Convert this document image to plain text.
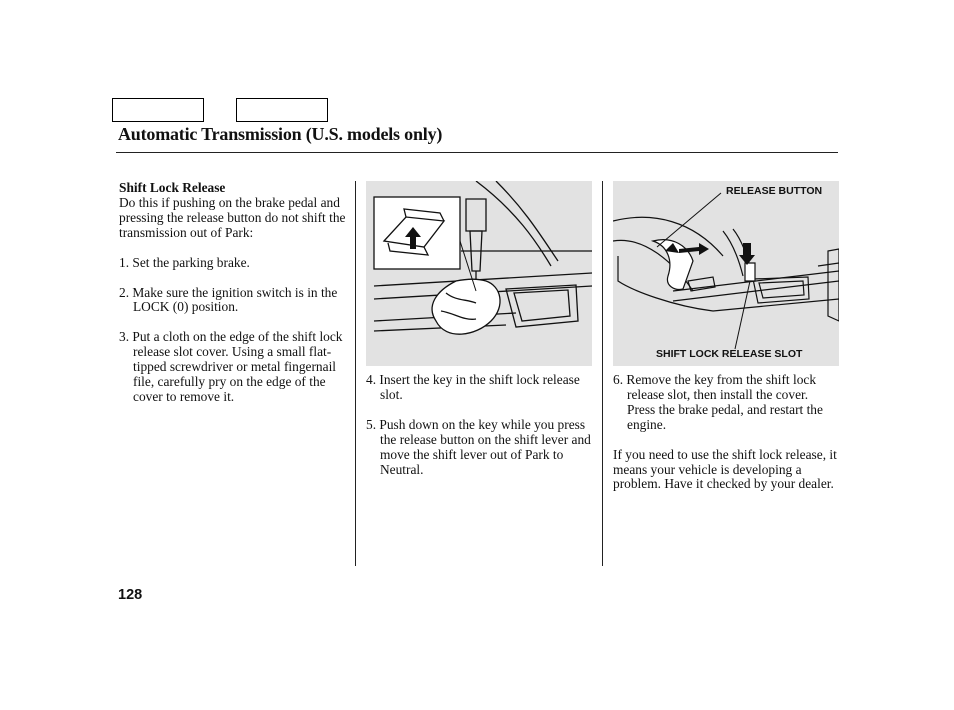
Automatic Transmission (U.S. models only)
Shift Lock Release

Do this if pushing on the brake pedal and pressing the release button do not shift the transmission out of Park:

1. Set the parking brake.

2. Make sure the ignition switch is in the LOCK (0) position.

3. Put a cloth on the edge of the shift lock release slot cover. Using a small flat-tipped screwdriver or metal fingernail file, carefully pry on the edge of the cover to remove it.

4. Insert the key in the shift lock release slot.

5. Push down on the key while you press the release button on the shift lever and move the shift lever out of Park to Neutral.

RELEASE BUTTON
SHIFT LOCK RELEASE SLOT

6. Remove the key from the shift lock release slot, then install the cover. Press the brake pedal, and restart the engine.

If you need to use the shift lock release, it means your vehicle is developing a problem. Have it checked by your dealer.

128
